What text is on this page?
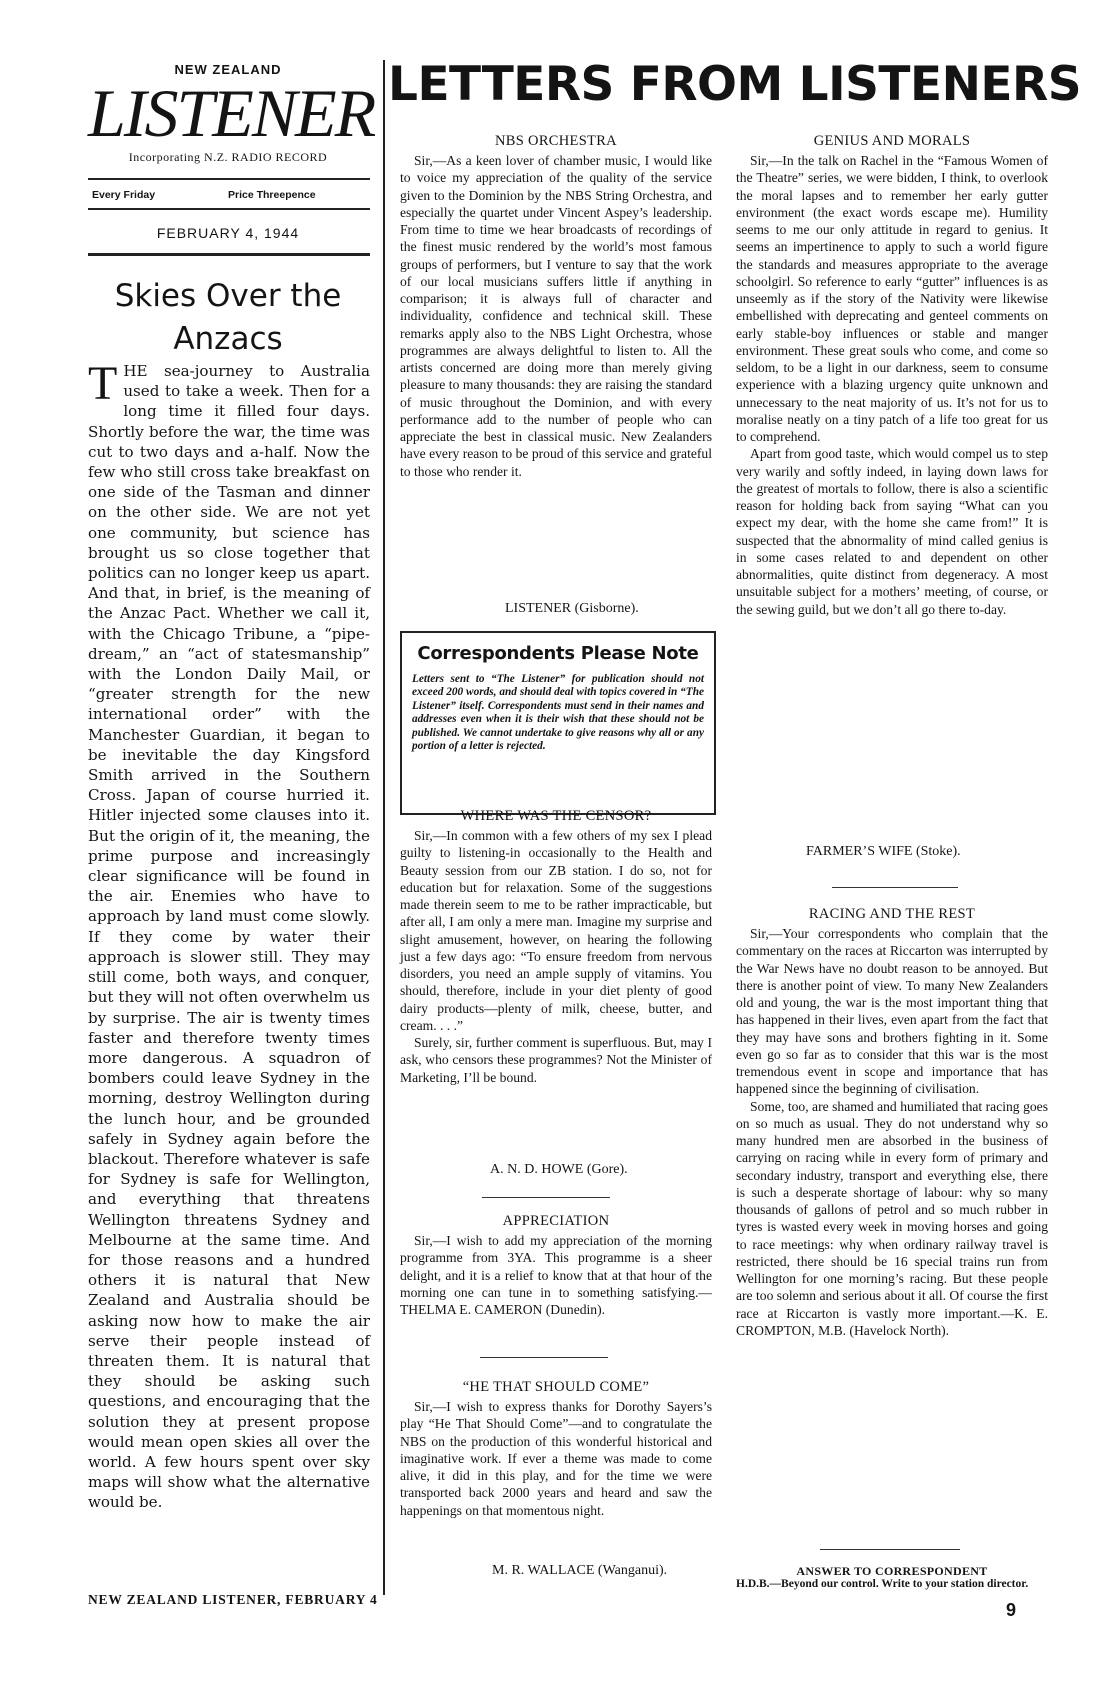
NEW ZEALAND
LISTENER
Incorporating N.Z. RADIO RECORD
Every Friday	Price Threepence
FEBRUARY 4, 1944
Skies Over the Anzacs
THE sea-journey to Australia used to take a week. Then for a long time it filled four days. Shortly before the war, the time was cut to two days and a-half. Now the few who still cross take breakfast on one side of the Tasman and dinner on the other side. We are not yet one community, but science has brought us so close together that politics can no longer keep us apart. And that, in brief, is the meaning of the Anzac Pact. Whether we call it, with the Chicago Tribune, a “pipe-dream,” an “act of statesmanship” with the London Daily Mail, or “greater strength for the new international order” with the Manchester Guardian, it began to be inevitable the day Kingsford Smith arrived in the Southern Cross. Japan of course hurried it. Hitler injected some clauses into it. But the origin of it, the meaning, the prime purpose and increasingly clear significance will be found in the air. Enemies who have to approach by land must come slowly. If they come by water their approach is slower still. They may still come, both ways, and conquer, but they will not often overwhelm us by surprise. The air is twenty times faster and therefore twenty times more dangerous. A squadron of bombers could leave Sydney in the morning, destroy Wellington during the lunch hour, and be grounded safely in Sydney again before the blackout. Therefore whatever is safe for Sydney is safe for Wellington, and everything that threatens Wellington threatens Sydney and Melbourne at the same time. And for those reasons and a hundred others it is natural that New Zealand and Australia should be asking now how to make the air serve their people instead of threaten them. It is natural that they should be asking such questions, and encouraging that the solution they at present propose would mean open skies all over the world. A few hours spent over sky maps will show what the alternative would be.
NEW ZEALAND LISTENER, FEBRUARY 4
LETTERS FROM LISTENERS
NBS ORCHESTRA

Sir,—As a keen lover of chamber music, I would like to voice my appreciation of the quality of the service given to the Dominion by the NBS String Orchestra, and especially the quartet under Vincent Aspey’s leadership. From time to time we hear broadcasts of recordings of the finest music rendered by the world’s most famous groups of performers, but I venture to say that the work of our local musicians suffers little if anything in comparison; it is always full of character and individuality, confidence and technical skill. These remarks apply also to the NBS Light Orchestra, whose programmes are always delightful to listen to. All the artists concerned are doing more than merely giving pleasure to many thousands: they are raising the standard of music throughout the Dominion, and with every performance add to the number of people who can appreciate the best in classical music. New Zealanders have every reason to be proud of this service and grateful to those who render it.

LISTENER (Gisborne).
Correspondents Please Note
Letters sent to “The Listener” for publication should not exceed 200 words, and should deal with topics covered in “The Listener” itself. Correspondents must send in their names and addresses even when it is their wish that these should not be published. We cannot undertake to give reasons why all or any portion of a letter is rejected.
WHERE WAS THE CENSOR?

Sir,—In common with a few others of my sex I plead guilty to listening-in occasionally to the Health and Beauty session from our ZB station. I do so, not for education but for relaxation. Some of the suggestions made therein seem to me to be rather impracticable, but after all, I am only a mere man. Imagine my surprise and slight amusement, however, on hearing the following just a few days ago: “To ensure freedom from nervous disorders, you need an ample supply of vitamins. You should, therefore, include in your diet plenty of good dairy products—plenty of milk, cheese, butter, and cream. . . .”

Surely, sir, further comment is superfluous. But, may I ask, who censors these programmes? Not the Minister of Marketing, I’ll be bound.

A. N. D. HOWE (Gore).
APPRECIATION

Sir,—I wish to add my appreciation of the morning programme from 3YA. This programme is a sheer delight, and it is a relief to know that at that hour of the morning one can tune in to something satisfying.—THELMA E. CAMERON (Dunedin).

“HE THAT SHOULD COME”

Sir,—I wish to express thanks for Dorothy Sayers’s play “He That Should Come”—and to congratulate the NBS on the production of this wonderful historical and imaginative work. If ever a theme was made to come alive, it did in this play, and for the time we were transported back 2000 years and heard and saw the happenings on that momentous night.

M. R. WALLACE (Wanganui).
GENIUS AND MORALS

Sir,—In the talk on Rachel in the “Famous Women of the Theatre” series, we were bidden, I think, to overlook the moral lapses and to remember her early gutter environment (the exact words escape me). Humility seems to me our only attitude in regard to genius. It seems an impertinence to apply to such a world figure the standards and measures appropriate to the average schoolgirl. So reference to early “gutter” influences is as unseemly as if the story of the Nativity were likewise embellished with deprecating and genteel comments on early stable-boy influences or stable and manger environment. These great souls who come, and come so seldom, to be a light in our darkness, seem to consume experience with a blazing urgency quite unknown and unnecessary to the neat majority of us. It’s not for us to moralise neatly on a tiny patch of a life too great for us to comprehend.

Apart from good taste, which would compel us to step very warily and softly indeed, in laying down laws for the greatest of mortals to follow, there is also a scientific reason for holding back from saying “What can you expect my dear, with the home she came from!” It is suspected that the abnormality of mind called genius is in some cases related to and dependent on other abnormalities, quite distinct from degeneracy. A most unsuitable subject for a mothers’ meeting, of course, or the sewing guild, but we don’t all go there to-day.

FARMER’S WIFE (Stoke).
RACING AND THE REST

Sir,—Your correspondents who complain that the commentary on the races at Riccarton was interrupted by the War News have no doubt reason to be annoyed. But there is another point of view. To many New Zealanders old and young, the war is the most important thing that has happened in their lives, even apart from the fact that they may have sons and brothers fighting in it. Some even go so far as to consider that this war is the most tremendous event in scope and importance that has happened since the beginning of civilisation.

Some, too, are shamed and humiliated that racing goes on so much as usual. They do not understand why so many hundred men are absorbed in the business of carrying on racing while in every form of primary and secondary industry, transport and everything else, there is such a desperate shortage of labour: why so many thousands of gallons of petrol and so much rubber in tyres is wasted every week in moving horses and going to race meetings: why when ordinary railway travel is restricted, there should be 16 special trains run from Wellington for one morning’s racing. But these people are too solemn and serious about it all. Of course the first race at Riccarton is vastly more important.—K. E. CROMPTON, M.B. (Havelock North).

ANSWER TO CORRESPONDENT
H.D.B.—Beyond our control. Write to your station director.
9
